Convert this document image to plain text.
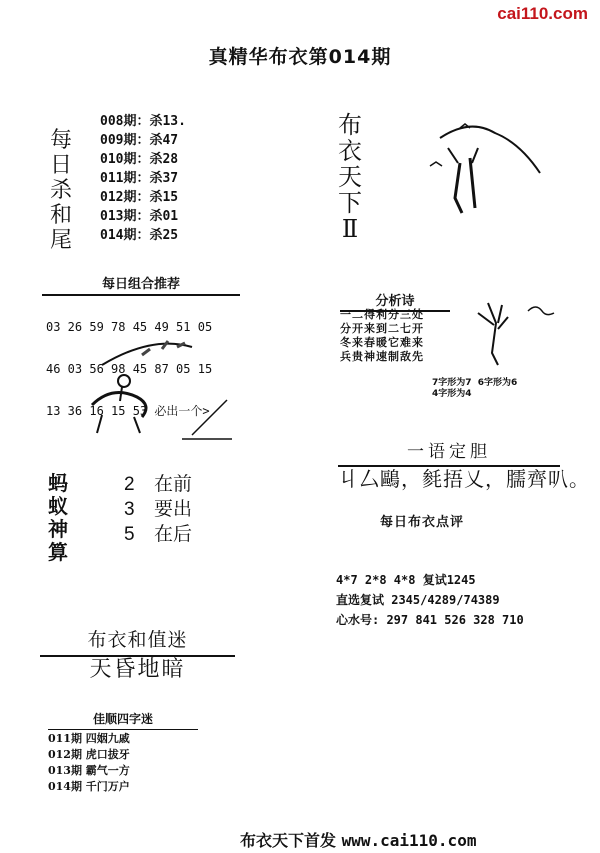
cai110.com
真精华布衣第014期
每日杀和尾
008期：杀13.
009期：杀47
010期：杀28
011期：杀37
012期：杀15
013期：杀01
014期：杀25
布
衣
天
下
Ⅱ
每日组合推荐

03 26 59 78 45 49 51 05

46 03 56 98 45 87 05 15

13 36 16 15 53 必出一个>

蚂
蚁
神
算
2 在前
3 要出
5 在后
分析诗
一二得利分三处
分开来到二七开
冬来春暖它难来
兵贵神速制敌先
7字形为7  6字形为6
4字形为4
一语定胆
丩厶鷗，毵捂乂，臑齊叭。
每日布衣点评
4*7 2*8 4*8 复试1245
直选复试 2345/4289/74389
心水号: 297 841 526 328 710
布衣和值迷
天昏地暗
佳顺四字迷
011期 四姻九戚
012期 虎口拔牙
013期 霸气一方
014期 千门万户
布衣天下首发 www.cai110.com
